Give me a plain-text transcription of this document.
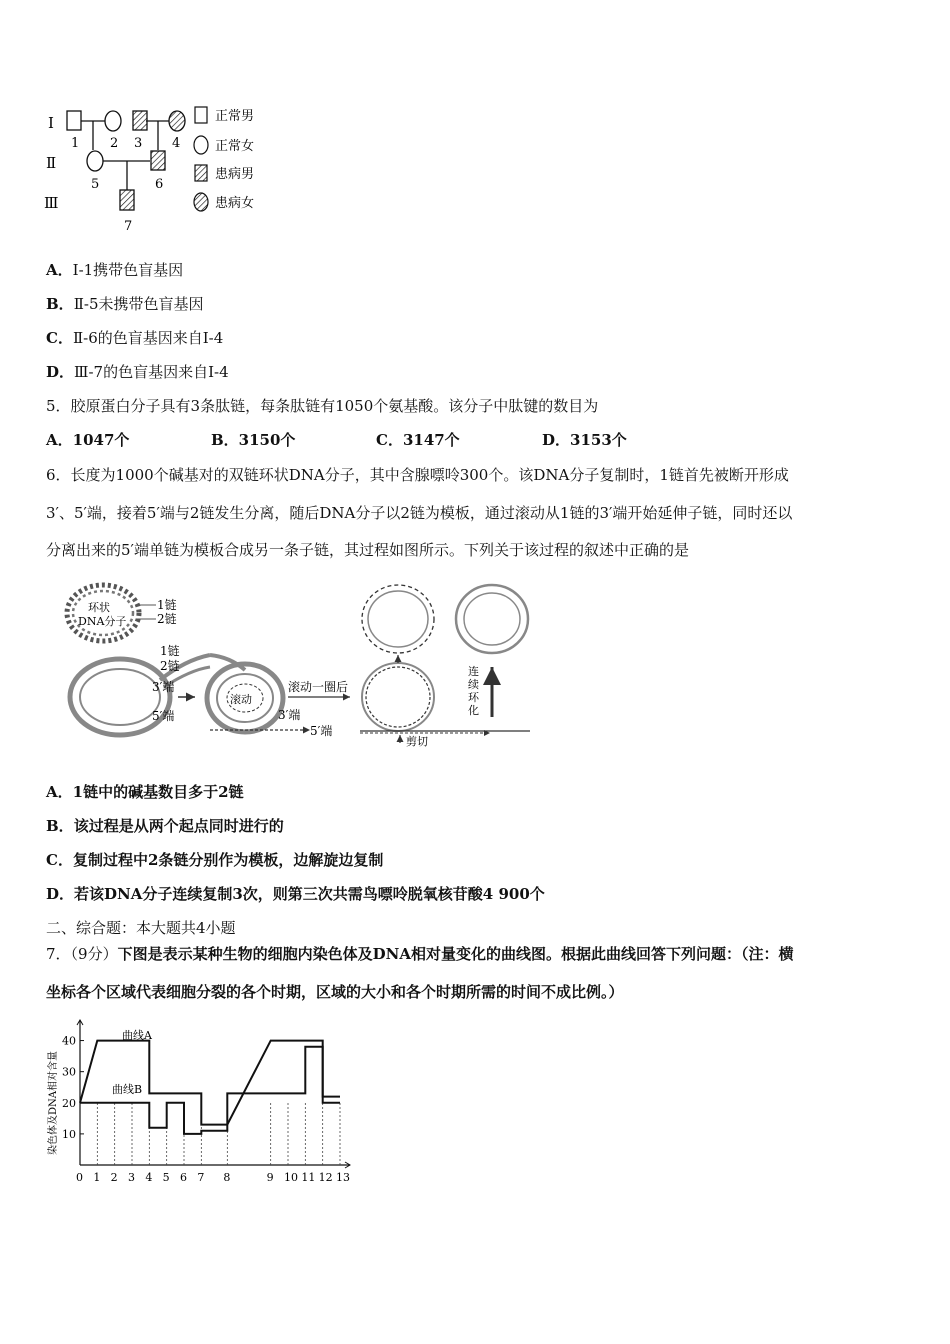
Ⅰ
Ⅱ
Ⅲ
1 2 3 4
5	6
7
正常男
正常女
患病男
患病女
A．Ⅰ-1携带色盲基因
B．Ⅱ-5未携带色盲基因
C．Ⅱ-6的色盲基因来自Ⅰ-4
D．Ⅲ-7的色盲基因来自Ⅰ-4
5．胶原蛋白分子具有3条肽链，每条肽链有1050个氨基酸。该分子中肽键的数目为
A．1047个	B．3150个	C．3147个	D．3153个
6．长度为1000个碱基对的双链环状DNA分子，其中含腺嘌呤300个。该DNA分子复制时，1链首先被断开形成
3′、5′端，接着5′端与2链发生分离，随后DNA分子以2链为模板，通过滚动从1链的3′端开始延伸子链，同时还以
分离出来的5′端单链为模板合成另一条子链，其过程如图所示。下列关于该过程的叙述中正确的是
环状
DNA分子
1链
2链
1链
2链
3′端
5′端
滚动
3′端
5′端
滚动一圈后
剪切
连
续
环
化
A．1链中的碱基数目多于2链
B．该过程是从两个起点同时进行的
C．复制过程中2条链分别作为模板，边解旋边复制
D．若该DNA分子连续复制3次，则第三次共需鸟嘌呤脱氧核苷酸4 900个
二、综合题：本大题共4小题
7．（9分）下图是表示某种生物的细胞内染色体及DNA相对量变化的曲线图。根据此曲线回答下列问题：（注：横
坐标各个区域代表细胞分裂的各个时期，区域的大小和各个时期所需的时间不成比例。）
10
20
30
40
0 1 2 3 4 5 6 7 8	9 10 11 12 13
染色体及DNA相对含量
曲线A
曲线B
